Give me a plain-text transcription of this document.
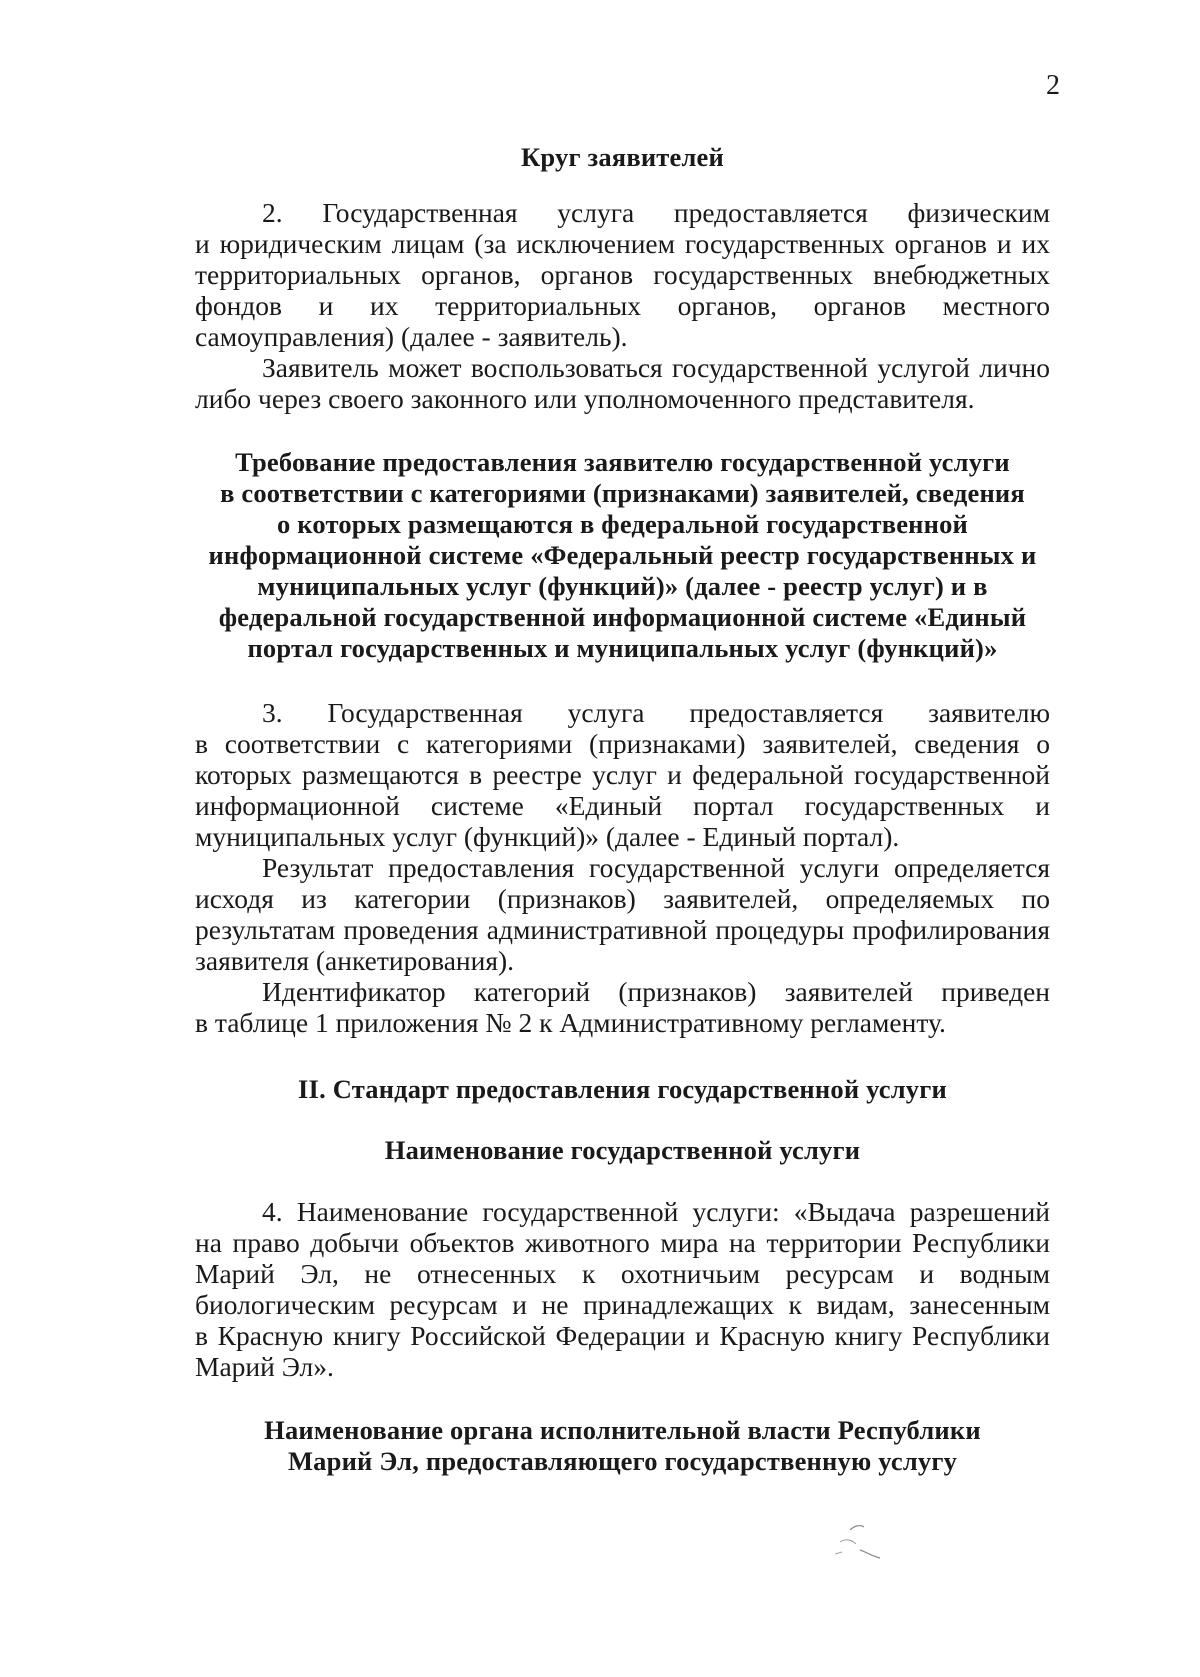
2
Круг заявителей

2. Государственная услуга предоставляется физическим
и юридическим лицам (за исключением государственных органов и их
территориальных органов, органов государственных внебюджетных
фондов и их территориальных органов, органов местного
самоуправления) (далее - заявитель).

Заявитель может воспользоваться государственной услугой лично
либо через своего законного или уполномоченного представителя.

Требование предоставления заявителю государственной услуги
в соответствии с категориями (признаками) заявителей, сведения
о которых размещаются в федеральной государственной
информационной системе «Федеральный реестр государственных и
муниципальных услуг (функций)» (далее - реестр услуг) и в
федеральной государственной информационной системе «Единый
портал государственных и муниципальных услуг (функций)»

3. Государственная услуга предоставляется заявителю
в соответствии с категориями (признаками) заявителей, сведения о
которых размещаются в реестре услуг и федеральной государственной
информационной системе «Единый портал государственных и
муниципальных услуг (функций)» (далее - Единый портал).

Результат предоставления государственной услуги определяется
исходя из категории (признаков) заявителей, определяемых по
результатам проведения административной процедуры профилирования
заявителя (анкетирования).

Идентификатор категорий (признаков) заявителей приведен
в таблице 1 приложения № 2 к Административному регламенту.

II. Стандарт предоставления государственной услуги
Наименование государственной услуги

4. Наименование государственной услуги: «Выдача разрешений
на право добычи объектов животного мира на территории Республики
Марий Эл, не отнесенных к охотничьим ресурсам и водным
биологическим ресурсам и не принадлежащих к видам, занесенным
в Красную книгу Российской Федерации и Красную книгу Республики
Марий Эл».

Наименование органа исполнительной власти Республики
Марий Эл, предоставляющего государственную услугу
